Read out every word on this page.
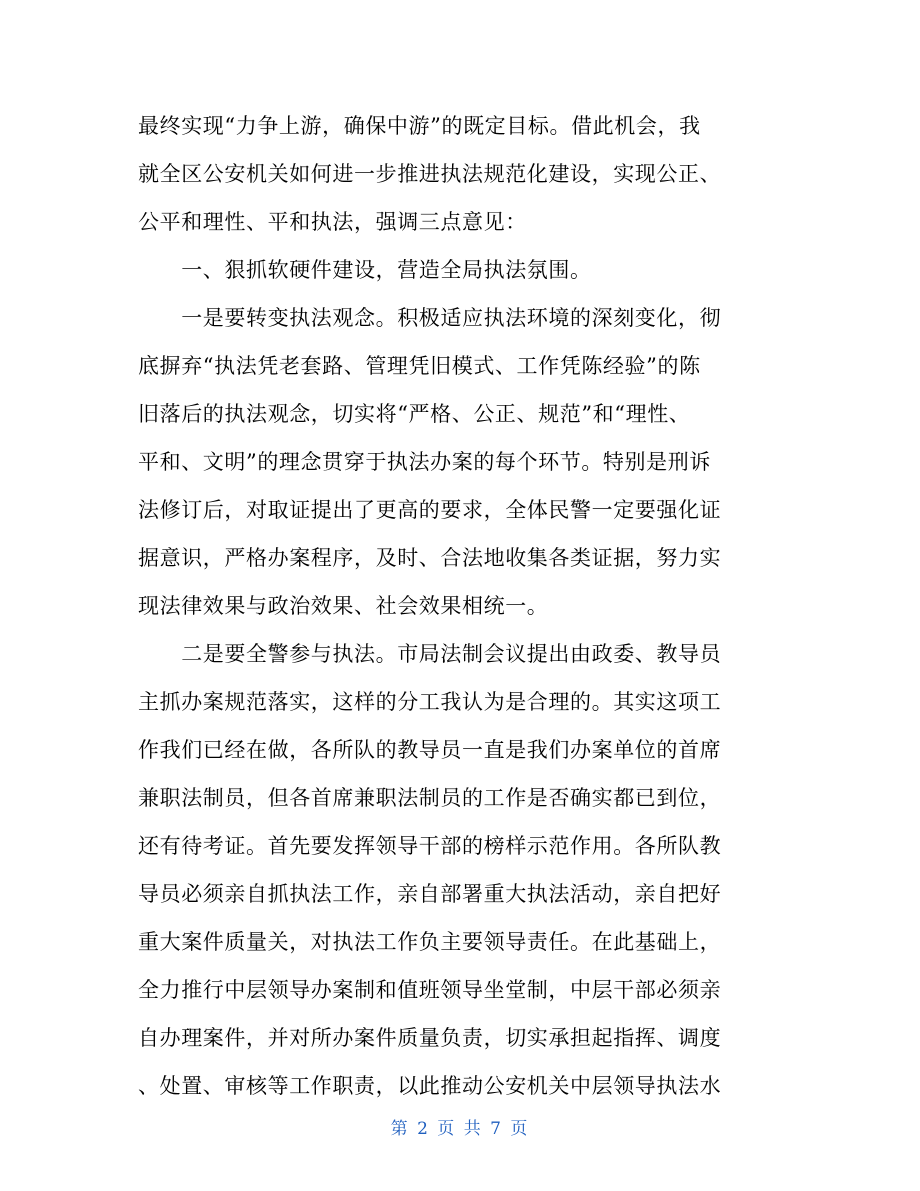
最终实现“力争上游，确保中游”的既定目标。借此机会，我
就全区公安机关如何进一步推进执法规范化建设，实现公正、
公平和理性、平和执法，强调三点意见：
　　一、狠抓软硬件建设，营造全局执法氛围。
　　一是要转变执法观念。积极适应执法环境的深刻变化，彻
底摒弃“执法凭老套路、管理凭旧模式、工作凭陈经验”的陈
旧落后的执法观念，切实将“严格、公正、规范”和“理性、
平和、文明”的理念贯穿于执法办案的每个环节。特别是刑诉
法修订后，对取证提出了更高的要求，全体民警一定要强化证
据意识，严格办案程序，及时、合法地收集各类证据，努力实
现法律效果与政治效果、社会效果相统一。
　　二是要全警参与执法。市局法制会议提出由政委、教导员
主抓办案规范落实，这样的分工我认为是合理的。其实这项工
作我们已经在做，各所队的教导员一直是我们办案单位的首席
兼职法制员，但各首席兼职法制员的工作是否确实都已到位，
还有待考证。首先要发挥领导干部的榜样示范作用。各所队教
导员必须亲自抓执法工作，亲自部署重大执法活动，亲自把好
重大案件质量关，对执法工作负主要领导责任。在此基础上，
全力推行中层领导办案制和值班领导坐堂制，中层干部必须亲
自办理案件，并对所办案件质量负责，切实承担起指挥、调度
、处置、审核等工作职责，以此推动公安机关中层领导执法水
第 2 页 共 7 页
